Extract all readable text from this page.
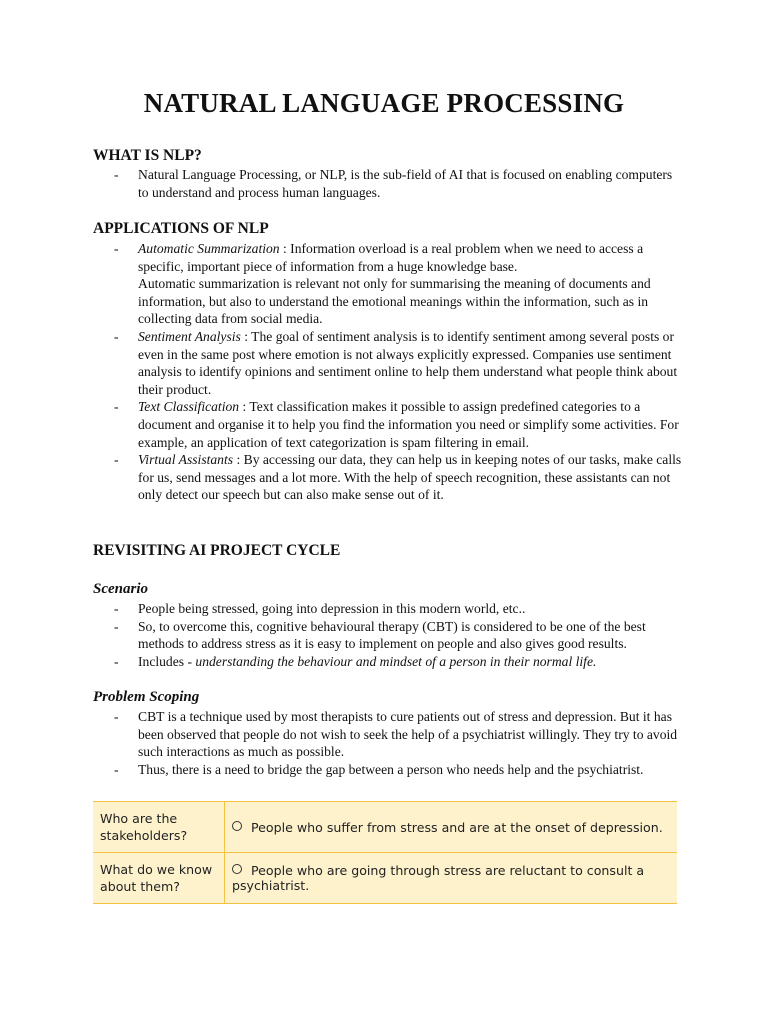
NATURAL LANGUAGE PROCESSING
WHAT IS NLP?
- Natural Language Processing, or NLP, is the sub-field of AI that is focused on enabling computers to understand and process human languages.
APPLICATIONS OF NLP
- Automatic Summarization : Information overload is a real problem when we need to access a specific, important piece of information from a huge knowledge base.
Automatic summarization is relevant not only for summarising the meaning of documents and information, but also to understand the emotional meanings within the information, such as in collecting data from social media.
- Sentiment Analysis : The goal of sentiment analysis is to identify sentiment among several posts or even in the same post where emotion is not always explicitly expressed. Companies use sentiment analysis to identify opinions and sentiment online to help them understand what people think about their product.
- Text Classification : Text classification makes it possible to assign predefined categories to a document and organise it to help you find the information you need or simplify some activities. For example, an application of text categorization is spam filtering in email.
- Virtual Assistants : By accessing our data, they can help us in keeping notes of our tasks, make calls for us, send messages and a lot more. With the help of speech recognition, these assistants can not only detect our speech but can also make sense out of it.
REVISITING AI PROJECT CYCLE
Scenario
- People being stressed, going into depression in this modern world, etc..
- So, to overcome this, cognitive behavioural therapy (CBT) is considered to be one of the best methods to address stress as it is easy to implement on people and also gives good results.
- Includes - understanding the behaviour and mindset of a person in their normal life.
Problem Scoping
- CBT is a technique used by most therapists to cure patients out of stress and depression. But it has been observed that people do not wish to seek the help of a psychiatrist willingly. They try to avoid such interactions as much as possible.
- Thus, there is a need to bridge the gap between a person who needs help and the psychiatrist.
Who are the stakeholders?	People who suffer from stress and are at the onset of depression.
What do we know about them?	People who are going through stress are reluctant to consult a psychiatrist.
